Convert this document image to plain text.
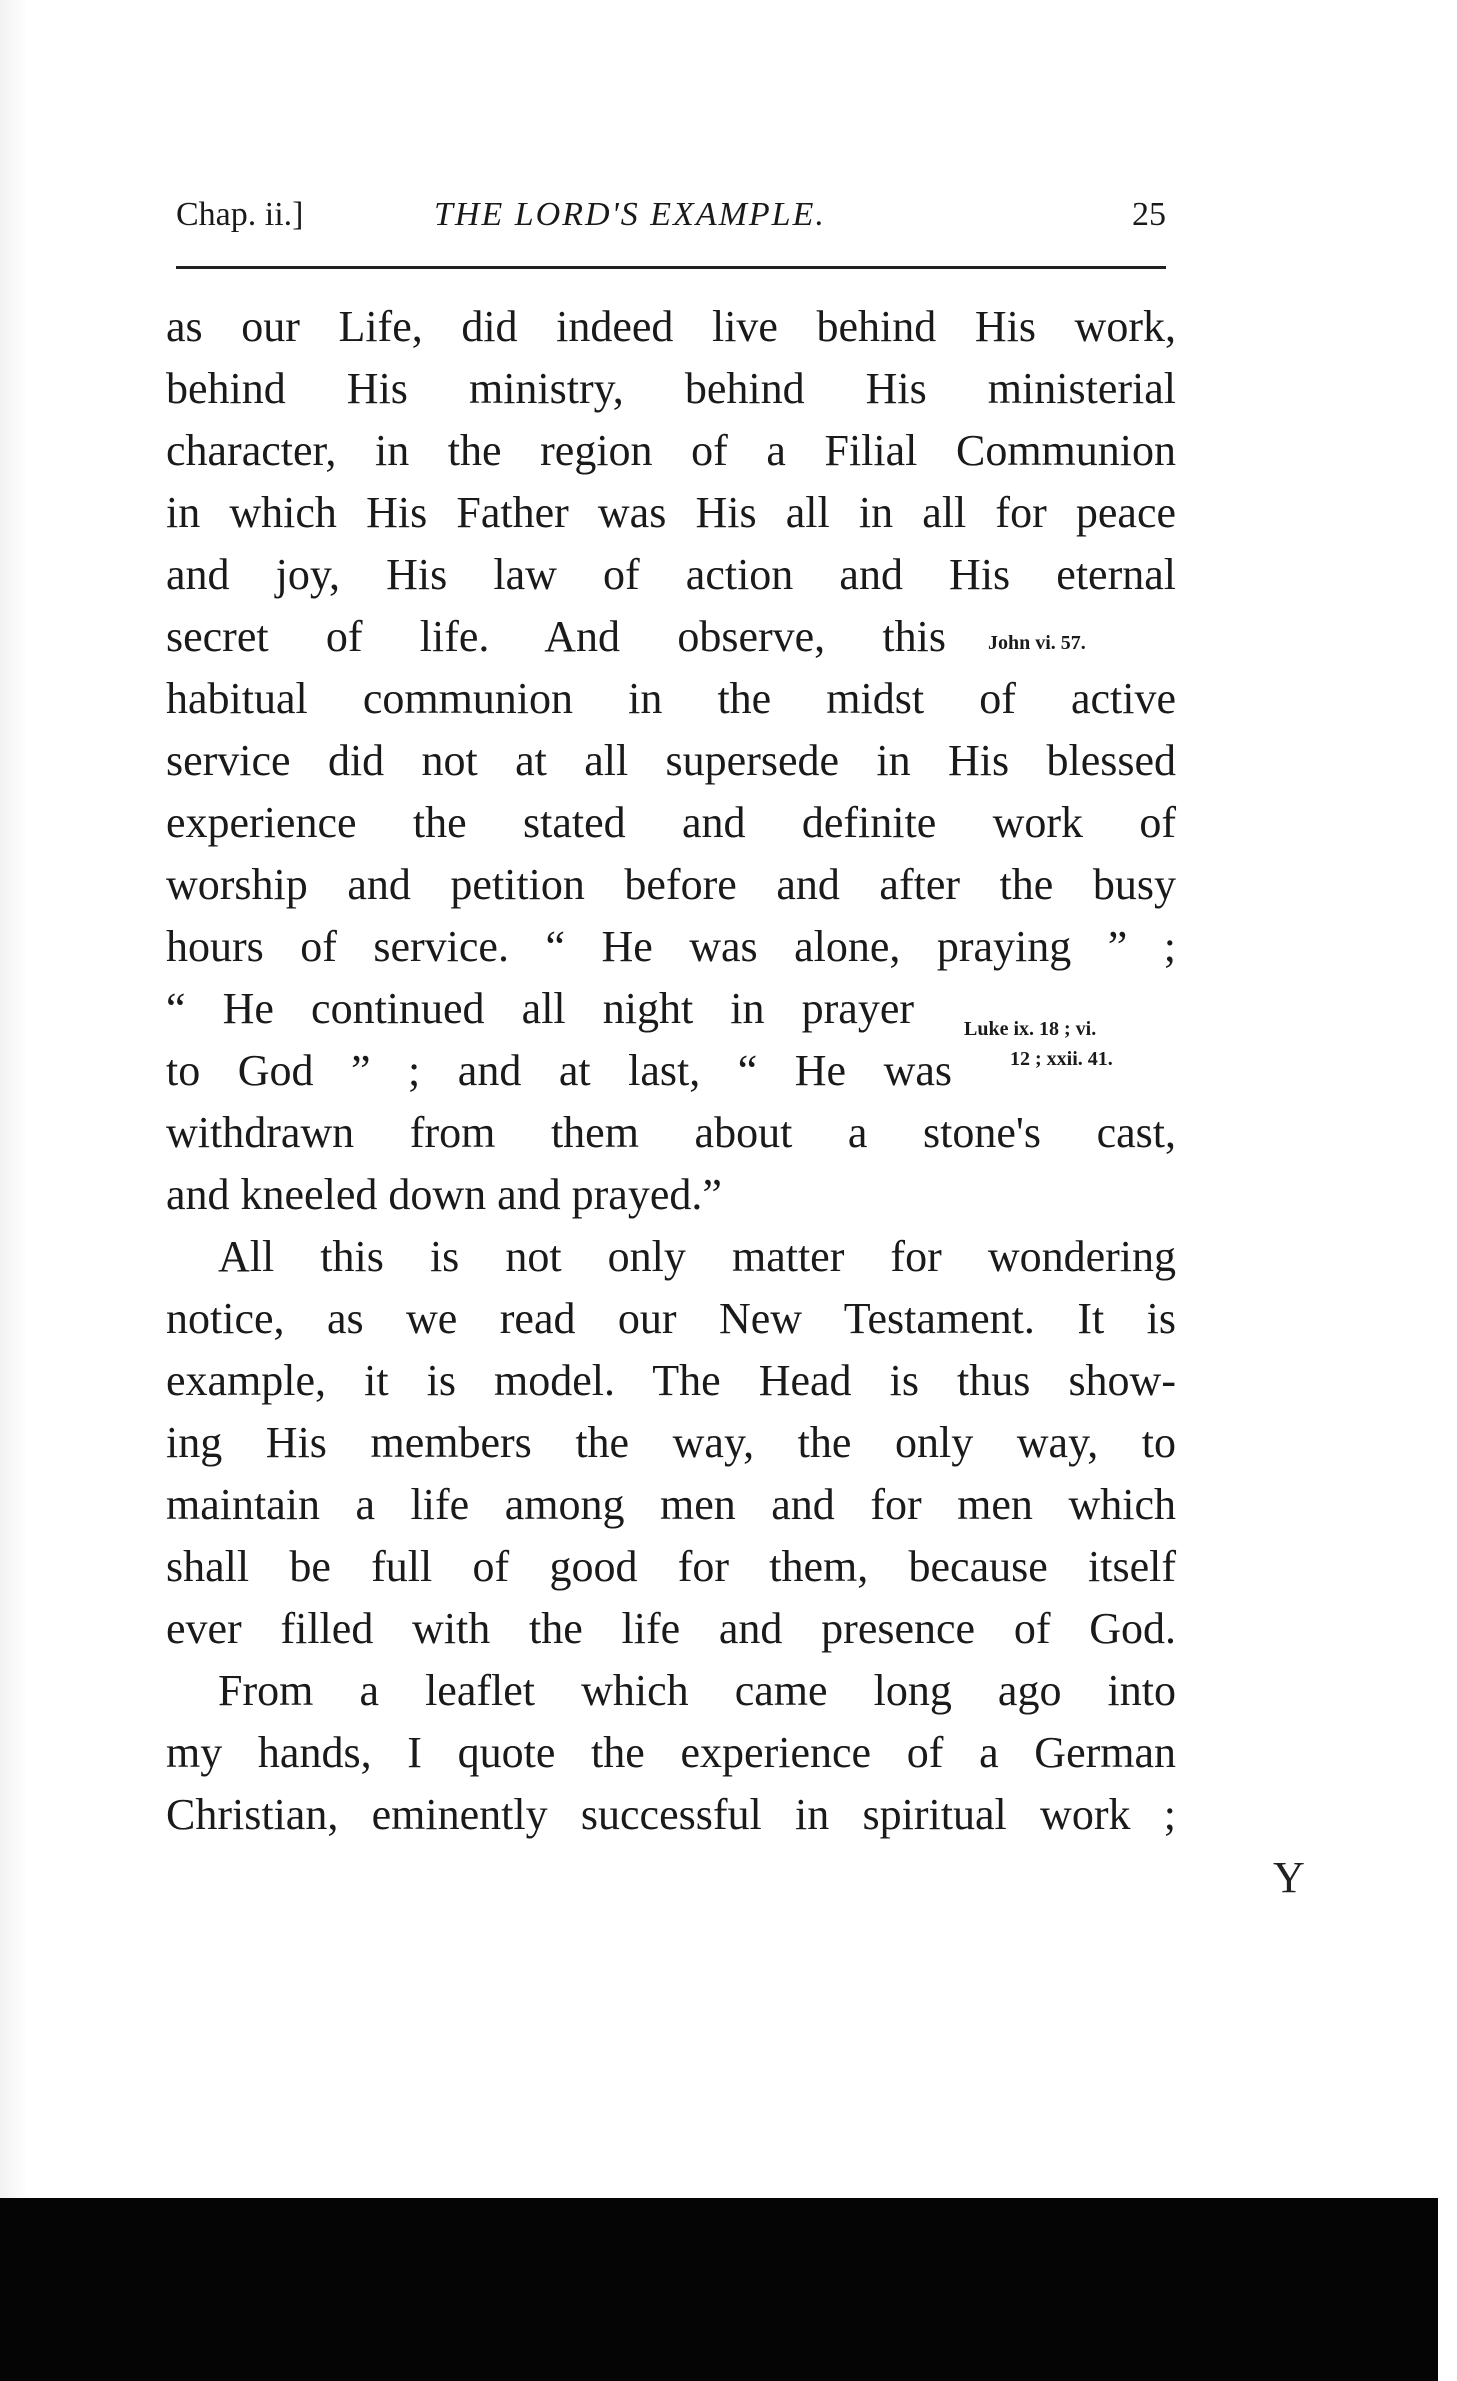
Chap. ii.]	THE LORD'S EXAMPLE.	25
as our Life, did indeed live behind His work,
behind His ministry, behind His ministerial
character, in the region of a Filial Communion
in which His Father was His all in all for peace
and joy, His law of action and His eternal
secret of life. And observe, this
habitual communion in the midst of active
service did not at all supersede in His blessed
experience the stated and definite work of
worship and petition before and after the busy
hours of service. “ He was alone, praying ” ;
“ He continued all night in prayer
to God ” ; and at last, “ He was
withdrawn from them about a stone's cast,
and kneeled down and prayed.”
All this is not only matter for wondering
notice, as we read our New Testament. It is
example, it is model. The Head is thus show-
ing His members the way, the only way, to
maintain a life among men and for men which
shall be full of good for them, because itself
ever filled with the life and presence of God.
From a leaflet which came long ago into
my hands, I quote the experience of a German
Christian, eminently successful in spiritual work ;
John vi. 57.
Luke ix. 18 ; vi.
12 ; xxii. 41.
Y
